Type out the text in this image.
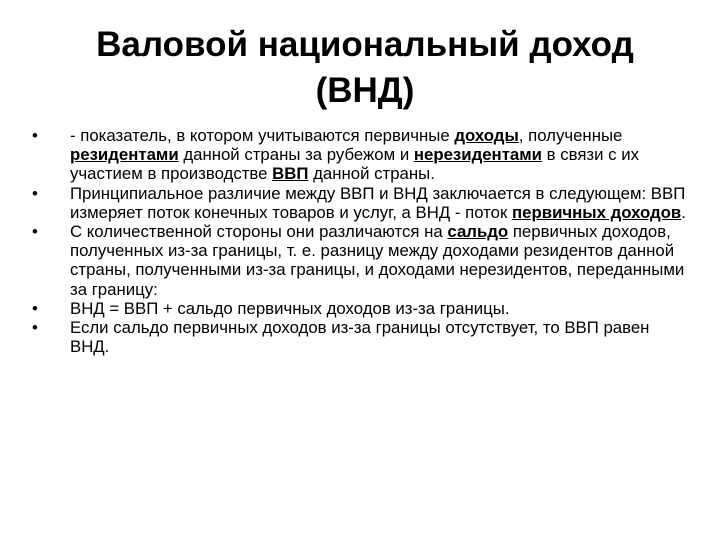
Валовой национальный доход
(ВНД)
•	- показатель, в котором учитываются первичные доходы, полученные резидентами данной страны за рубежом и нерезидентами в связи с их участием в производстве ВВП данной страны.
•	Принципиальное различие между ВВП и ВНД заключается в следующем: ВВП измеряет поток конечных товаров и услуг, а ВНД - поток первичных доходов.
•	С количественной стороны они различаются на сальдо первичных доходов, полученных из-за границы, т. е. разницу между доходами резидентов данной страны, полученными из-за границы, и доходами нерезидентов, переданными за границу:
•	ВНД = ВВП + сальдо первичных доходов из-за границы.
•	Если сальдо первичных доходов из-за границы отсутствует, то ВВП равен ВНД.
